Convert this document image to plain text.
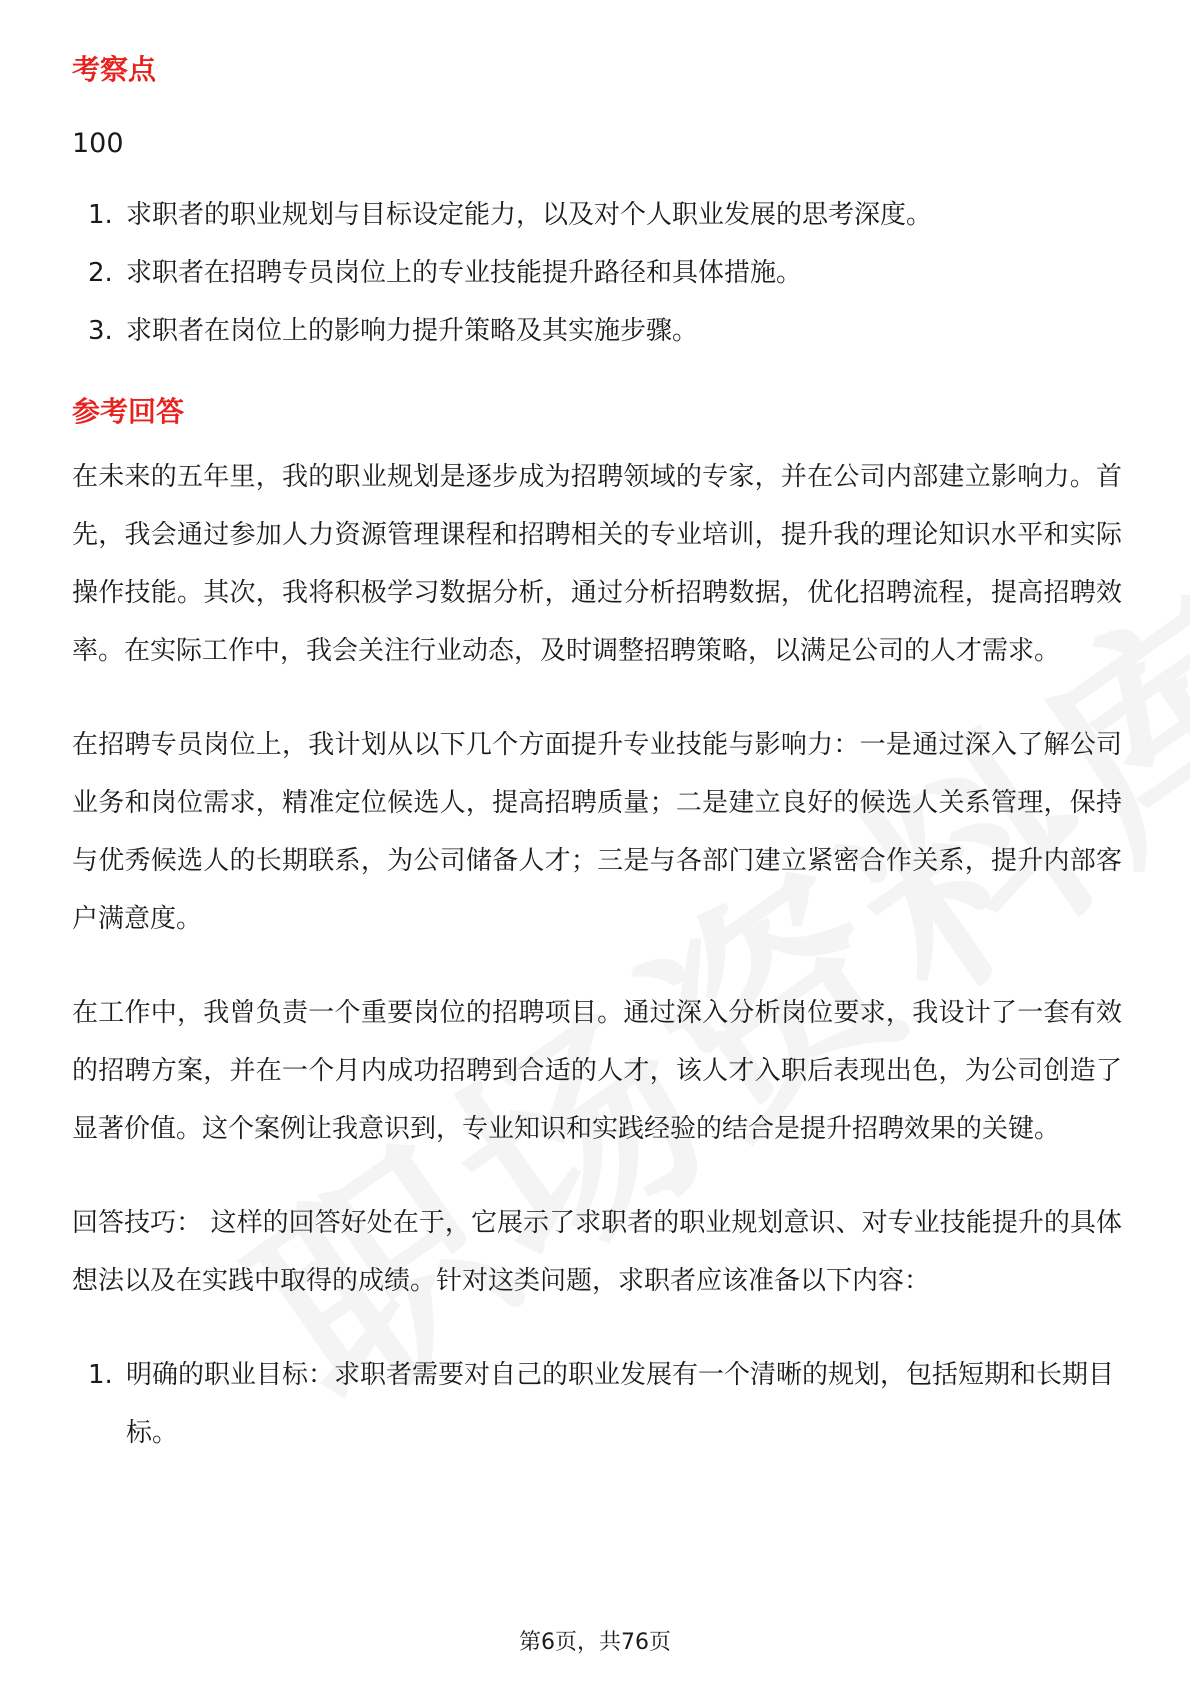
考察点
100
1. 求职者的职业规划与目标设定能力，以及对个人职业发展的思考深度。
2. 求职者在招聘专员岗位上的专业技能提升路径和具体措施。
3. 求职者在岗位上的影响力提升策略及其实施步骤。
参考回答

在未来的五年里，我的职业规划是逐步成为招聘领域的专家，并在公司内部建立影响力。首先，我会通过参加人力资源管理课程和招聘相关的专业培训，提升我的理论知识水平和实际操作技能。其次，我将积极学习数据分析，通过分析招聘数据，优化招聘流程，提高招聘效率。在实际工作中，我会关注行业动态，及时调整招聘策略，以满足公司的人才需求。

在招聘专员岗位上，我计划从以下几个方面提升专业技能与影响力：一是通过深入了解公司业务和岗位需求，精准定位候选人，提高招聘质量；二是建立良好的候选人关系管理，保持与优秀候选人的长期联系，为公司储备人才；三是与各部门建立紧密合作关系，提升内部客户满意度。

在工作中，我曾负责一个重要岗位的招聘项目。通过深入分析岗位要求，我设计了一套有效的招聘方案，并在一个月内成功招聘到合适的人才，该人才入职后表现出色，为公司创造了显著价值。这个案例让我意识到，专业知识和实践经验的结合是提升招聘效果的关键。

回答技巧： 这样的回答好处在于，它展示了求职者的职业规划意识、对专业技能提升的具体想法以及在实践中取得的成绩。针对这类问题，求职者应该准备以下内容：

1. 明确的职业目标：求职者需要对自己的职业发展有一个清晰的规划，包括短期和长期目标。
第6页，共76页
